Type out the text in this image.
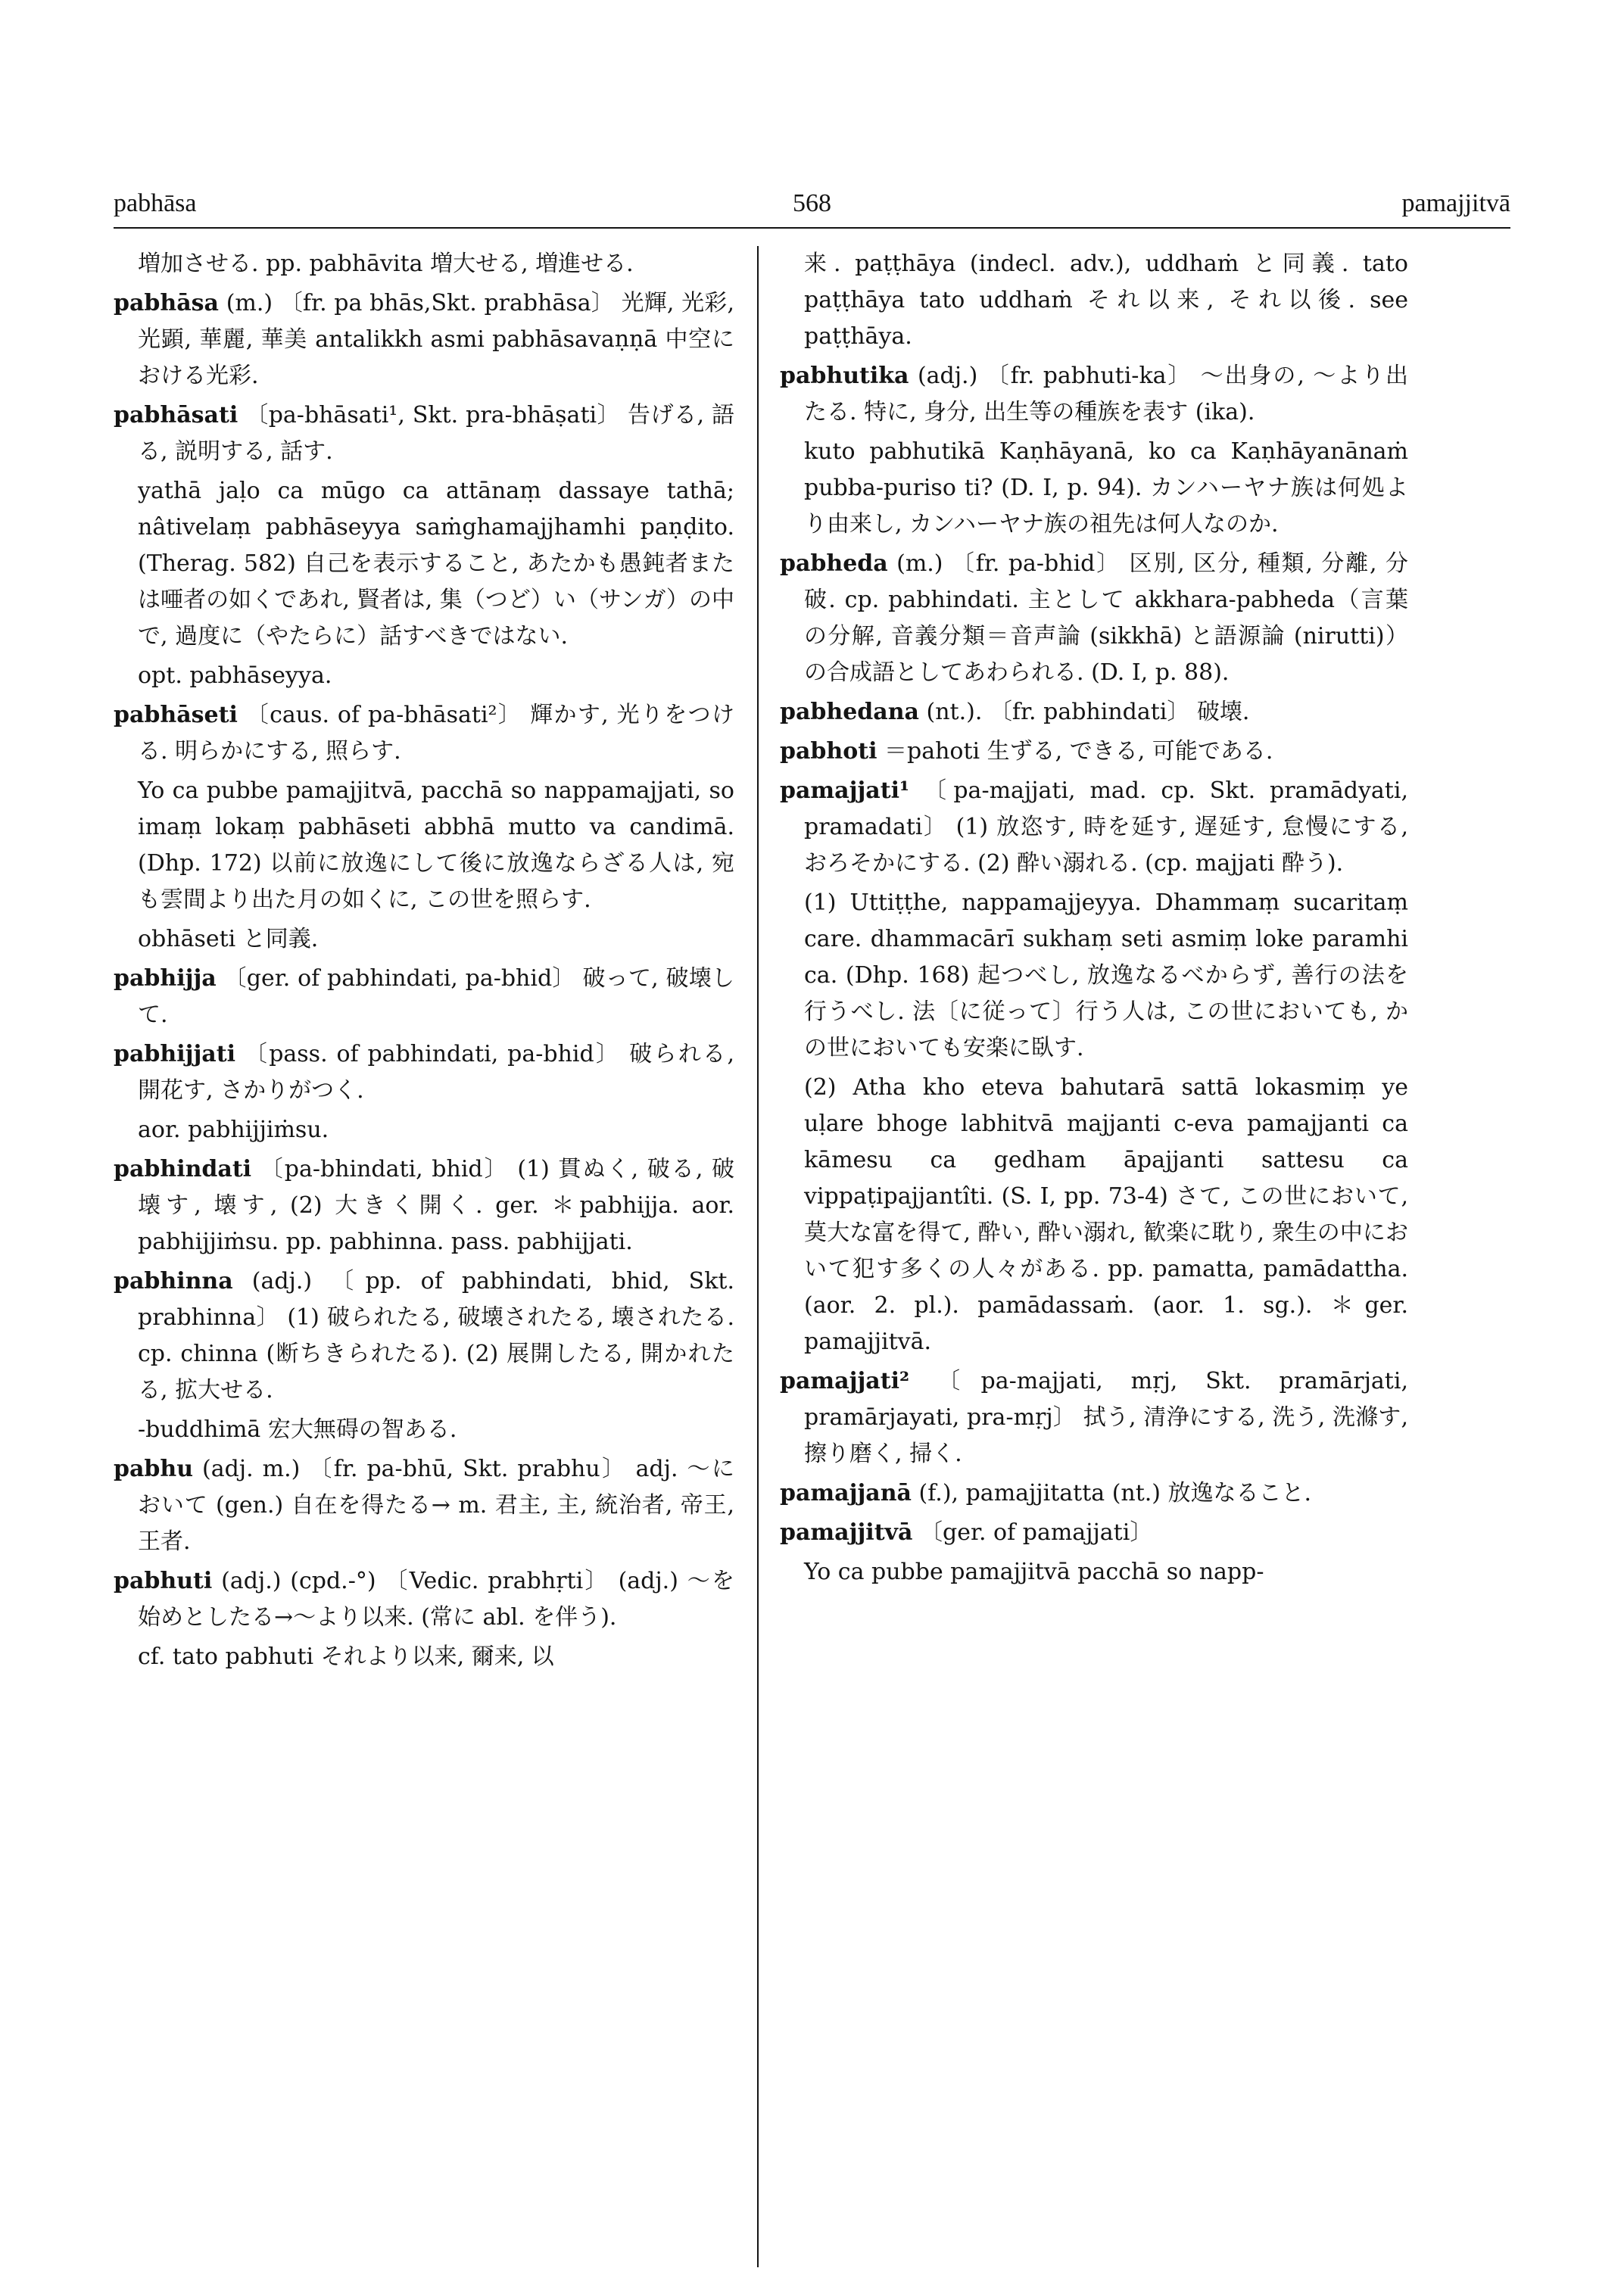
pabhāsa	568	pamajjitvā
増加させる. pp. pabhāvita 増大せる, 増進せる.
pabhāsa (m.) 〔fr. pa bhās,Skt. prabhāsa〕 光輝, 光彩, 光顕, 華麗, 華美 antalikkh asmi pabhāsavaṇṇā 中空における光彩.
pabhāsati 〔pa-bhāsati¹, Skt. pra-bhāṣati〕 告げる, 語る, 説明する, 話す.
yathā jaḷo ca mūgo ca attānaṃ dassaye tathā; nâtivelaṃ pabhāseyya saṁghamajjhamhi paṇḍito. (Therag. 582) 自己を表示すること, あたかも愚鈍者または唖者の如くであれ, 賢者は, 集（つど）い（サンガ）の中で, 過度に（やたらに）話すべきではない.
opt. pabhāseyya.
pabhāseti 〔caus. of pa-bhāsati²〕 輝かす, 光りをつける. 明らかにする, 照らす.
Yo ca pubbe pamajjitvā, pacchā so nappamajjati, so imaṃ lokaṃ pabhāseti abbhā mutto va candimā. (Dhp. 172) 以前に放逸にして後に放逸ならざる人は, 宛も雲間より出た月の如くに, この世を照らす.
obhāseti と同義.
pabhijja 〔ger. of pabhindati, pa-bhid〕 破って, 破壊して.
pabhijjati 〔pass. of pabhindati, pa-bhid〕 破られる, 開花す, さかりがつく.
aor. pabhijjiṁsu.
pabhindati 〔pa-bhindati, bhid〕 (1) 貫ぬく, 破る, 破壊す, 壊す, (2) 大きく開く. ger. ＊pabhijja. aor. pabhijjiṁsu. pp. pabhinna. pass. pabhijjati.
pabhinna (adj.) 〔pp. of pabhindati, bhid, Skt. prabhinna〕 (1) 破られたる, 破壊されたる, 壊されたる. cp. chinna (断ちきられたる). (2) 展開したる, 開かれたる, 拡大せる.
-buddhimā 宏大無碍の智ある.
pabhu (adj. m.) 〔fr. pa-bhū, Skt. prabhu〕 adj. 〜において (gen.) 自在を得たる→ m. 君主, 主, 統治者, 帝王, 王者.
pabhuti (adj.) (cpd.-°) 〔Vedic. prabhṛti〕 (adj.) 〜を始めとしたる→〜より以来. (常に abl. を伴う).
cf. tato pabhuti それより以来, 爾来, 以
来. paṭṭhāya (indecl. adv.), uddhaṁ と同義. tato paṭṭhāya tato uddhaṁ それ以来, それ以後. see paṭṭhāya.
pabhutika (adj.) 〔fr. pabhuti-ka〕 〜出身の, 〜より出たる. 特に, 身分, 出生等の種族を表す (ika).
kuto pabhutikā Kaṇhāyanā, ko ca Kaṇhāyanānaṁ pubba-puriso ti? (D. I, p. 94). カンハーヤナ族は何処より由来し, カンハーヤナ族の祖先は何人なのか.
pabheda (m.) 〔fr. pa-bhid〕 区別, 区分, 種類, 分離, 分破. cp. pabhindati. 主として akkhara-pabheda（言葉の分解, 音義分類＝音声論 (sikkhā) と語源論 (nirutti)）の合成語としてあわられる. (D. I, p. 88).
pabhedana (nt.). 〔fr. pabhindati〕 破壊.
pabhoti ＝pahoti 生ずる, できる, 可能である.
pamajjati¹ 〔pa-majjati, mad. cp. Skt. pramādyati, pramadati〕 (1) 放恣す, 時を延す, 遅延す, 怠慢にする, おろそかにする. (2) 酔い溺れる. (cp. majjati 酔う).
(1) Uttiṭṭhe, nappamajjeyya. Dhammaṃ sucaritaṃ care. dhammacārī sukhaṃ seti asmiṃ loke paramhi ca. (Dhp. 168) 起つべし, 放逸なるべからず, 善行の法を行うべし. 法〔に従って〕行う人は, この世においても, かの世においても安楽に臥す.
(2) Atha kho eteva bahutarā sattā lokasmiṃ ye uḷare bhoge labhitvā majjanti c-eva pamajjanti ca kāmesu ca gedham āpajjanti sattesu ca vippaṭipajjantîti. (S. I, pp. 73-4) さて, この世において, 莫大な富を得て, 酔い, 酔い溺れ, 歓楽に耽り, 衆生の中において犯す多くの人々がある. pp. pamatta, pamādattha. (aor. 2. pl.). pamādassaṁ. (aor. 1. sg.). ＊ger. pamajjitvā.
pamajjati² 〔pa-majjati, mṛj, Skt. pramārjati, pramārjayati, pra-mṛj〕 拭う, 清浄にする, 洗う, 洗滌す, 擦り磨く, 掃く.
pamajjanā (f.), pamajjitatta (nt.) 放逸なること.
pamajjitvā 〔ger. of pamajjati〕
Yo ca pubbe pamajjitvā pacchā so napp-
